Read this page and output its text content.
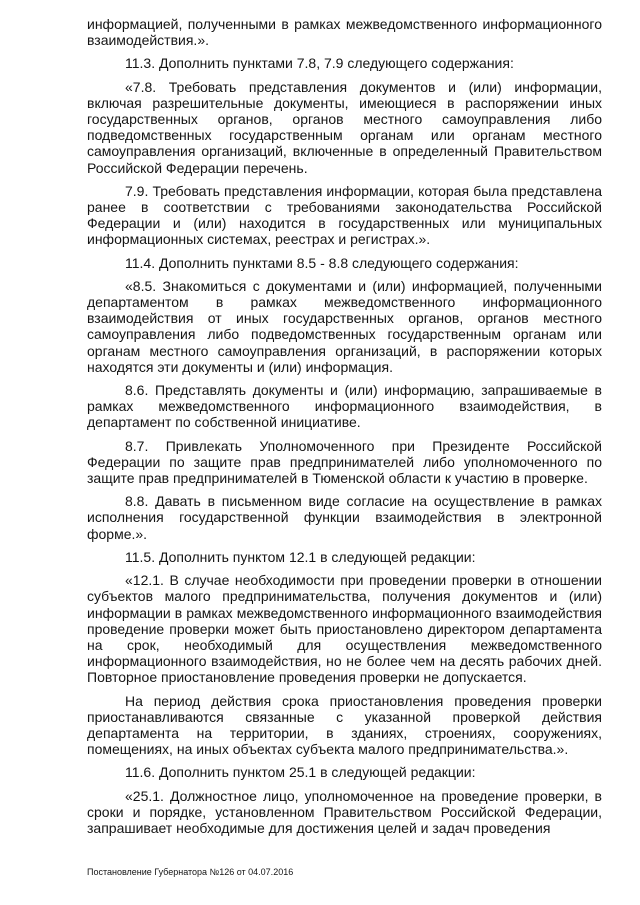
информацией, полученными в рамках межведомственного информационного взаимодействия.».

11.3. Дополнить пунктами 7.8, 7.9 следующего содержания:

«7.8. Требовать представления документов и (или) информации, включая разрешительные документы, имеющиеся в распоряжении иных государственных органов, органов местного самоуправления либо подведомственных государственным органам или органам местного самоуправления организаций, включенные в определенный Правительством Российской Федерации перечень.

7.9. Требовать представления информации, которая была представлена ранее в соответствии с требованиями законодательства Российской Федерации и (или) находится в государственных или муниципальных информационных системах, реестрах и регистрах.».

11.4. Дополнить пунктами 8.5 - 8.8 следующего содержания:

«8.5. Знакомиться с документами и (или) информацией, полученными департаментом в рамках межведомственного информационного взаимодействия от иных государственных органов, органов местного самоуправления либо подведомственных государственным органам или органам местного самоуправления организаций, в распоряжении которых находятся эти документы и (или) информация.

8.6. Представлять документы и (или) информацию, запрашиваемые в рамках межведомственного информационного взаимодействия, в департамент по собственной инициативе.

8.7. Привлекать Уполномоченного при Президенте Российской Федерации по защите прав предпринимателей либо уполномоченного по защите прав предпринимателей в Тюменской области к участию в проверке.

8.8. Давать в письменном виде согласие на осуществление в рамках исполнения государственной функции взаимодействия в электронной форме.».

11.5. Дополнить пунктом 12.1 в следующей редакции:

«12.1. В случае необходимости при проведении проверки в отношении субъектов малого предпринимательства, получения документов и (или) информации в рамках межведомственного информационного взаимодействия проведение проверки может быть приостановлено директором департамента на срок, необходимый для осуществления межведомственного информационного взаимодействия, но не более чем на десять рабочих дней. Повторное приостановление проведения проверки не допускается.

На период действия срока приостановления проведения проверки приостанавливаются связанные с указанной проверкой действия департамента на территории, в зданиях, строениях, сооружениях, помещениях, на иных объектах субъекта малого предпринимательства.».

11.6. Дополнить пунктом 25.1 в следующей редакции:

«25.1. Должностное лицо, уполномоченное на проведение проверки, в сроки и порядке, установленном Правительством Российской Федерации, запрашивает необходимые для достижения целей и задач проведения

Постановление Губернатора №126 от 04.07.2016
